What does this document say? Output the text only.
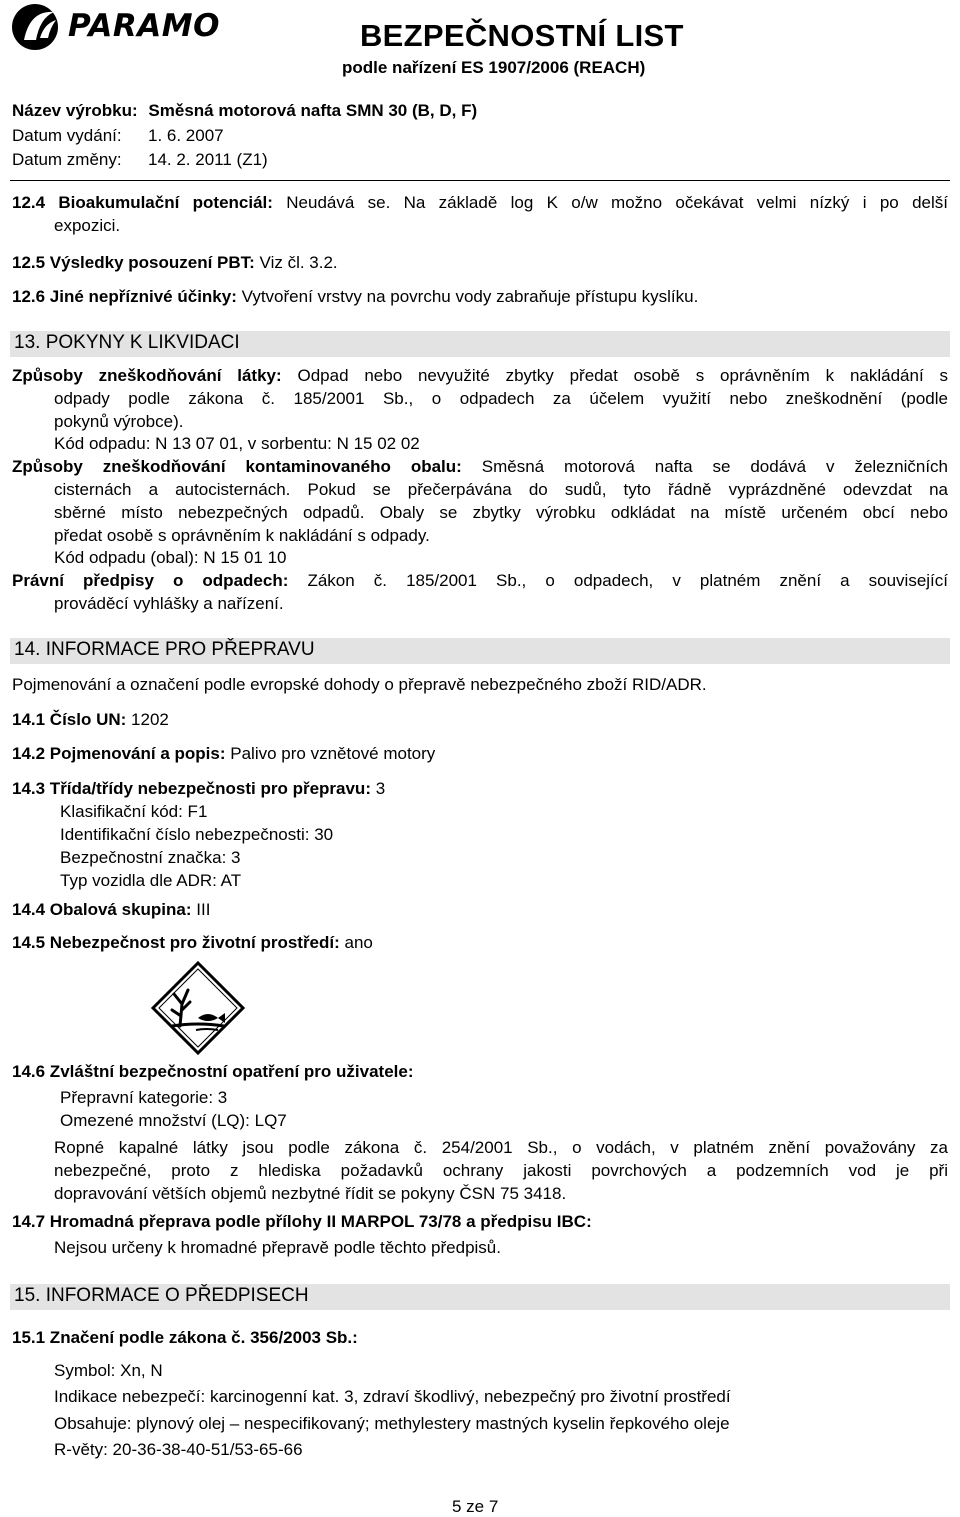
PARAMO	BEZPEČNOSTNÍ LIST
podle nařízení ES 1907/2006 (REACH)
Název výrobku: Směsná motorová nafta SMN 30 (B, D, F)
Datum vydání: 1. 6. 2007
Datum změny: 14. 2. 2011 (Z1)
12.4 Bioakumulační potenciál: Neudává se. Na základě log K o/w možno očekávat velmi nízký i po delší
expozici.
12.5 Výsledky posouzení PBT: Viz čl. 3.2.
12.6 Jiné nepříznivé účinky: Vytvoření vrstvy na povrchu vody zabraňuje přístupu kyslíku.
13. POKYNY K LIKVIDACI
Způsoby zneškodňování látky: Odpad nebo nevyužité zbytky předat osobě s oprávněním k nakládání s
odpady podle zákona č. 185/2001 Sb., o odpadech za účelem využití nebo zneškodnění (podle
pokynů výrobce).
Kód odpadu: N 13 07 01, v sorbentu: N 15 02 02
Způsoby zneškodňování kontaminovaného obalu: Směsná motorová nafta se dodává v železničních
cisternách a autocisternách. Pokud se přečerpávána do sudů, tyto řádně vyprázdněné odevzdat na
sběrné místo nebezpečných odpadů. Obaly se zbytky výrobku odkládat na místě určeném obcí nebo
předat osobě s oprávněním k nakládání s odpady.
Kód odpadu (obal): N 15 01 10
Právní předpisy o odpadech: Zákon č. 185/2001 Sb., o odpadech, v platném znění a související
prováděcí vyhlášky a nařízení.
14. INFORMACE PRO PŘEPRAVU
Pojmenování a označení podle evropské dohody o přepravě nebezpečného zboží RID/ADR.
14.1 Číslo UN: 1202
14.2 Pojmenování a popis: Palivo pro vznětové motory
14.3 Třída/třídy nebezpečnosti pro přepravu: 3
Klasifikační kód: F1
Identifikační číslo nebezpečnosti: 30
Bezpečnostní značka: 3
Typ vozidla dle ADR: AT
14.4 Obalová skupina: III
14.5 Nebezpečnost pro životní prostředí: ano
14.6 Zvláštní bezpečnostní opatření pro uživatele:
Přepravní kategorie: 3
Omezené množství (LQ): LQ7
Ropné kapalné látky jsou podle zákona č. 254/2001 Sb., o vodách, v platném znění považovány za
nebezpečné, proto z hlediska požadavků ochrany jakosti povrchových a podzemních vod je při
dopravování větších objemů nezbytné řídit se pokyny ČSN 75 3418.
14.7 Hromadná přeprava podle přílohy II MARPOL 73/78 a předpisu IBC:
Nejsou určeny k hromadné přepravě podle těchto předpisů.
15. INFORMACE O PŘEDPISECH
15.1 Značení podle zákona č. 356/2003 Sb.:
Symbol: Xn, N
Indikace nebezpečí: karcinogenní kat. 3, zdraví škodlivý, nebezpečný pro životní prostředí
Obsahuje: plynový olej – nespecifikovaný; methylestery mastných kyselin řepkového oleje
R-věty: 20-36-38-40-51/53-65-66
5 ze 7
